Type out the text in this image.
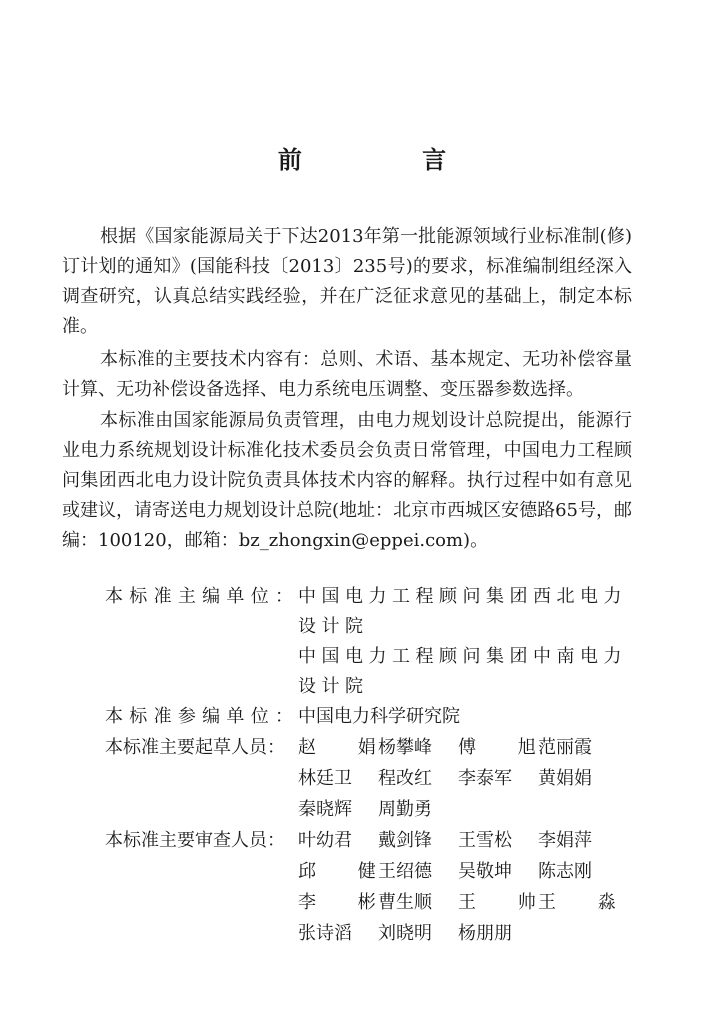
前 言

根据《国家能源局关于下达2013年第一批能源领域行业标准制(修)订计划的通知》(国能科技〔2013〕235号)的要求，标准编制组经深入调查研究，认真总结实践经验，并在广泛征求意见的基础上，制定本标准。

本标准的主要技术内容有：总则、术语、基本规定、无功补偿容量计算、无功补偿设备选择、电力系统电压调整、变压器参数选择。

本标准由国家能源局负责管理，由电力规划设计总院提出，能源行业电力系统规划设计标准化技术委员会负责日常管理，中国电力工程顾问集团西北电力设计院负责具体技术内容的解释。执行过程中如有意见或建议，请寄送电力规划设计总院(地址：北京市西城区安德路65号，邮编：100120，邮箱：bz_zhongxin@eppei.com)。

本标准主编单位： 中国电力工程顾问集团西北电力设计院
中国电力工程顾问集团中南电力设计院
本标准参编单位： 中国电力科学研究院
本标准主要起草人员： 赵 娟
杨攀峰 傅 旭
范丽霞
林廷卫 程改红 李泰军 黄娟娟
秦晓辉 周勤勇
本标准主要审查人员： 叶幼君 戴剑锋 王雪松 李娟萍
邱 健
王绍德 吴敬坤 陈志刚
李 彬
曹生顺 王 帅
王 淼
张诗滔 刘晓明 杨朋朋
